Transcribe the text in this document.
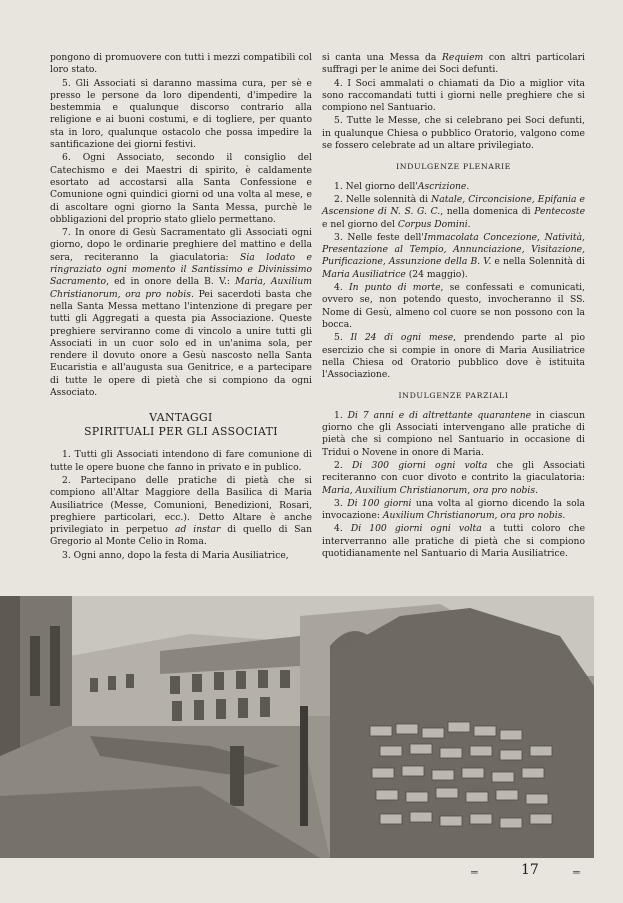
pongono di promuovere con tutti i mezzi compatibili col loro stato.

5. Gli Associati si daranno massima cura, per sè e presso le persone da loro dipendenti, d'impedire la bestemmia e qualunque discorso contrario alla religione e ai buoni costumi, e di togliere, per quanto sta in loro, qualunque ostacolo che possa impedire la santificazione dei giorni festivi.

6. Ogni Associato, secondo il consiglio del Catechismo e dei Maestri di spirito, è caldamente esortato ad accostarsi alla Santa Confessione e Comunione ogni quindici giorni od una volta al mese, e di ascoltare ogni giorno la Santa Messa, purchè le obbligazioni del proprio stato glielo permettano.

7. In onore di Gesù Sacramentato gli Associati ogni giorno, dopo le ordinarie preghiere del mattino e della sera, reciteranno la giaculatoria: Sia lodato e ringraziato ogni momento il Santissimo e Divinissimo Sacramento, ed in onore della B. V.: Maria, Auxilium Christianorum, ora pro nobis. Pei sacerdoti basta che nella Santa Messa mettano l'intenzione di pregare per tutti gli Aggregati a questa pia Associazione. Queste preghiere serviranno come di vincolo a unire tutti gli Associati in un cuor solo ed in un'anima sola, per rendere il dovuto onore a Gesù nascosto nella Santa Eucaristia e all'augusta sua Genitrice, e a partecipare di tutte le opere di pietà che si compiono da ogni Associato.

VANTAGGI
SPIRITUALI PER GLI ASSOCIATI

1. Tutti gli Associati intendono di fare comunione di tutte le opere buone che fanno in privato e in publico.

2. Partecipano delle pratiche di pietà che si compiono all'Altar Maggiore della Basilica di Maria Ausiliatrice (Messe, Comunioni, Benedizioni, Rosari, preghiere particolari, ecc.). Detto Altare è anche privilegiato in perpetuo ad instar di quello di San Gregorio al Monte Celio in Roma.

3. Ogni anno, dopo la festa di Maria Ausiliatrice,

si canta una Messa da Requiem con altri particolari suffragi per le anime dei Soci defunti.

4. I Soci ammalati o chiamati da Dio a miglior vita sono raccomandati tutti i giorni nelle preghiere che si compiono nel Santuario.

5. Tutte le Messe, che si celebrano pei Soci defunti, in qualunque Chiesa o pubblico Oratorio, valgono come se fossero celebrate ad un altare privilegiato.

INDULGENZE PLENARIE

1. Nel giorno dell'Ascrizione.

2. Nelle solennità di Natale, Circoncisione, Epifania e Ascensione di N. S. G. C., nella domenica di Pentecoste e nel giorno del Corpus Domini.

3. Nelle feste dell'Immacolata Concezione, Natività, Presentazione al Tempio, Annunciazione, Visitazione, Purificazione, Assunzione della B. V. e nella Solennità di Maria Ausiliatrice (24 maggio).

4. In punto di morte, se confessati e comunicati, ovvero se, non potendo questo, invocheranno il SS. Nome di Gesù, almeno col cuore se non possono con la bocca.

5. Il 24 di ogni mese, prendendo parte al pio esercizio che si compie in onore di Maria Ausiliatrice nella Chiesa od Oratorio pubblico dove è istituita l'Associazione.

INDULGENZE PARZIALI

1. Di 7 anni e di altrettante quarantene in ciascun giorno che gli Associati intervengano alle pratiche di pietà che si compiono nel Santuario in occasione di Tridui o Novene in onore di Maria.

2. Di 300 giorni ogni volta che gli Associati reciteranno con cuor divoto e contrito la giaculatoria: Maria, Auxilium Christianorum, ora pro nobis.

3. Di 100 giorni una volta al giorno dicendo la sola invocazione: Auxilium Christianorum, ora pro nobis.

4. Di 100 giorni ogni volta a tutti coloro che interverranno alle pratiche di pietà che si compiono quotidianamente nel Santuario di Maria Ausiliatrice.

═	17	═
